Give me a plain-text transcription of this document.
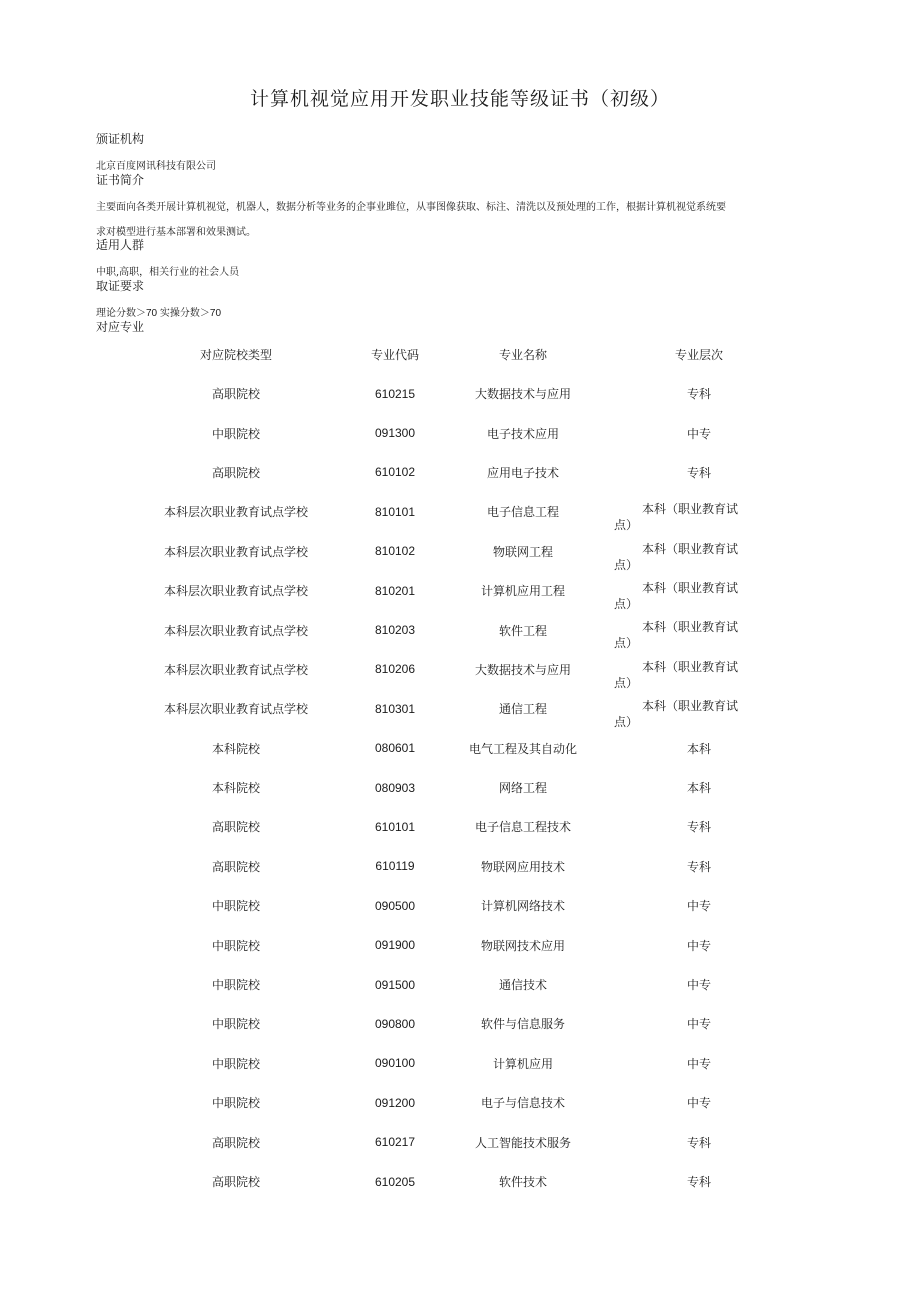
计算机视觉应用开发职业技能等级证书（初级）
颁证机构
北京百度网讯科技有限公司
证书简介
主要面向各类开展计算机视觉，机器人，数据分析等业务的企事业雎位，从事图像获取、标注、清洗以及预处理的工作，根据计算机视觉系统要
求对模型进行基本部署和效果测试。
适用人群
中职,高职，相关行业的社会人员
取证要求
理论分数＞70 实操分数＞70
对应专业
对应院校类型	专业代码	专业名称	专业层次
高职院校	610215	大数据技术与应用	专科
中职院校	091300	电子技术应用	中专
高职院校	610102	应用电子技术	专科
本科层次职业教育试点学校	810101	电子信息工程	本科（职业教育试
点）
本科层次职业教育试点学校	810102	物联网工程	本科（职业教育试
点）
本科层次职业教育试点学校	810201	计算机应用工程	本科（职业教育试
点）
本科层次职业教育试点学校	810203	软件工程	本科（职业教育试
点）
本科层次职业教育试点学校	810206	大数据技术与应用	本科（职业教育试
点）
本科层次职业教育试点学校	810301	通信工程	本科（职业教育试
点）
本科院校	080601	电气工程及其自动化	本科
本科院校	080903	网络工程	本科
高职院校	610101	电子信息工程技术	专科
高职院校	610119	物联网应用技术	专科
中职院校	090500	计算机网络技术	中专
中职院校	091900	物联网技术应用	中专
中职院校	091500	通信技术	中专
中职院校	090800	软件与信息服务	中专
中职院校	090100	计算机应用	中专
中职院校	091200	电子与信息技术	中专
高职院校	610217	人工智能技术服务	专科
高职院校	610205	软件技术	专科
